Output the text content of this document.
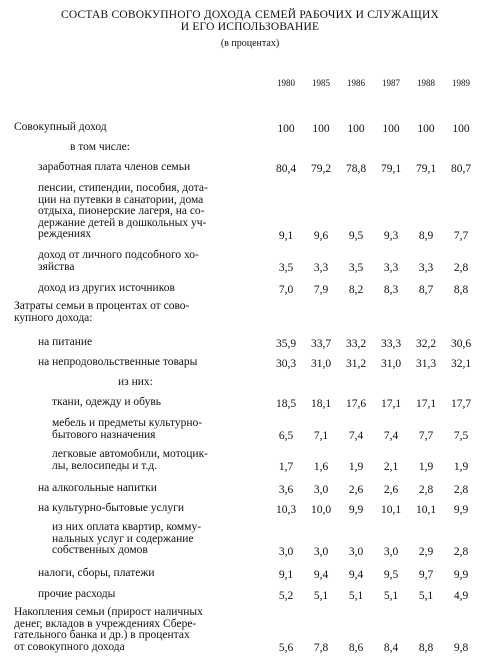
СОСТАВ СОВОКУПНОГО ДОХОДА СЕМЕЙ РАБОЧИХ И СЛУЖАЩИХ
И ЕГО ИСПОЛЬЗОВАНИЕ
(в процентах)
1980	1985	1986	1987	1988	1989
Совокупный доход	100	100	100	100	100	100
в том числе:
заработная плата членов семьи	80,4	79,2	78,8	79,1	79,1	80,7
пенсии, стипендии, пособия, дота-
ции на путевки в санатории, дома
отдыха, пионерские лагеря, на со-
держание детей в дошкольных уч-
реждениях	9,1	9,6	9,5	9,3	8,9	7,7
доход от личного подсобного хо-
зяйства	3,5	3,3	3,5	3,3	3,3	2,8
доход из других источников	7,0	7,9	8,2	8,3	8,7	8,8
Затраты семьи в процентах от сово-
купного дохода:
на питание	35,9	33,7	33,2	33,3	32,2	30,6
на непродовольственные товары	30,3	31,0	31,2	31,0	31,3	32,1
из них:
ткани, одежду и обувь	18,5	18,1	17,6	17,1	17,1	17,7
мебель и предметы культурно-
бытового назначения	6,5	7,1	7,4	7,4	7,7	7,5
легковые автомобили, мотоцик-
лы, велосипеды и т.д.	1,7	1,6	1,9	2,1	1,9	1,9
на алкогольные напитки	3,6	3,0	2,6	2,6	2,8	2,8
на культурно-бытовые услуги	10,3	10,0	9,9	10,1	10,1	9,9
из них оплата квартир, комму-
нальных услуг и содержание
собственных домов	3,0	3,0	3,0	3,0	2,9	2,8
налоги, сборы, платежи	9,1	9,4	9,4	9,5	9,7	9,9
прочие расходы	5,2	5,1	5,1	5,1	5,1	4,9
Накопления семьи (прирост наличных
денег, вкладов в учреждениях Сбере-
гательного банка и др.) в процентах
от совокупного дохода	5,6	7,8	8,6	8,4	8,8	9,8
